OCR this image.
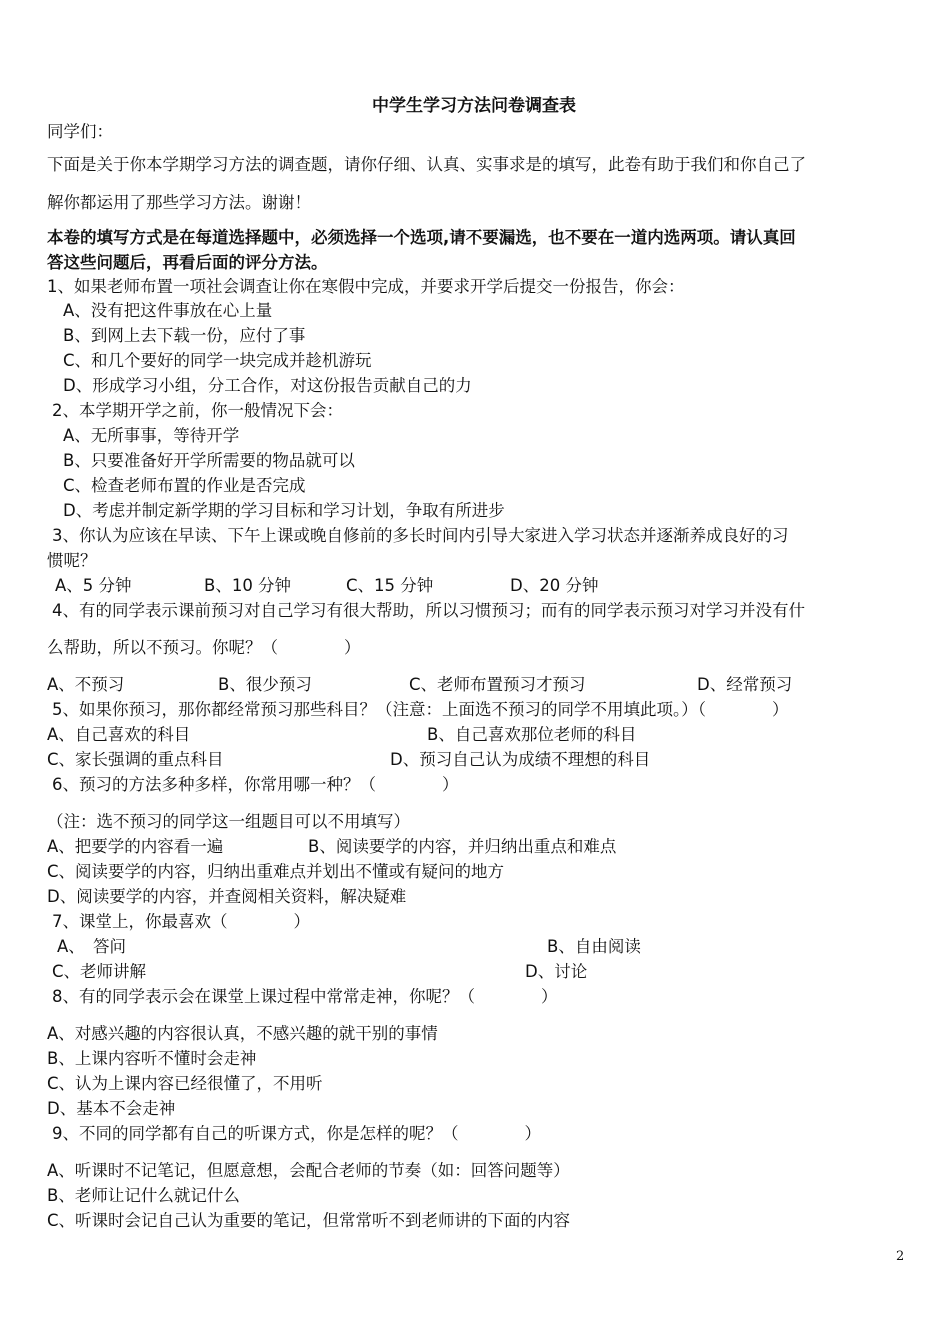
中学生学习方法问卷调查表
同学们：
下面是关于你本学期学习方法的调查题，请你仔细、认真、实事求是的填写，此卷有助于我们和你自己了
解你都运用了那些学习方法。谢谢！
本卷的填写方式是在每道选择题中，必须选择一个选项,请不要漏选，也不要在一道内选两项。请认真回
答这些问题后，再看后面的评分方法。
1、如果老师布置一项社会调查让你在寒假中完成，并要求开学后提交一份报告，你会：
A、没有把这件事放在心上量
B、到网上去下载一份，应付了事
C、和几个要好的同学一块完成并趁机游玩
D、形成学习小组，分工合作，对这份报告贡献自己的力
2、本学期开学之前，你一般情况下会：
A、无所事事，等待开学
B、只要准备好开学所需要的物品就可以
C、检查老师布置的作业是否完成
D、考虑并制定新学期的学习目标和学习计划，争取有所进步
3、你认为应该在早读、下午上课或晚自修前的多长时间内引导大家进入学习状态并逐渐养成良好的习
惯呢？
A、5 分钟	B、10 分钟	C、15 分钟	D、20 分钟
4、有的同学表示课前预习对自己学习有很大帮助，所以习惯预习；而有的同学表示预习对学习并没有什
么帮助，所以不预习。你呢？（　　　　）
A、不预习	B、很少预习	C、老师布置预习才预习	D、经常预习
5、如果你预习，那你都经常预习那些科目？（注意：上面选不预习的同学不用填此项。）（　　　　）
A、自己喜欢的科目	B、自己喜欢那位老师的科目
C、家长强调的重点科目	D、预习自己认为成绩不理想的科目
6、预习的方法多种多样，你常用哪一种？（　　　　）
（注：选不预习的同学这一组题目可以不用填写）
A、把要学的内容看一遍	B、阅读要学的内容，并归纳出重点和难点
C、阅读要学的内容，归纳出重难点并划出不懂或有疑问的地方
D、阅读要学的内容，并查阅相关资料，解决疑难
7、课堂上，你最喜欢（　　　　）
A、　答问	B、自由阅读
C、老师讲解	D、讨论
8、有的同学表示会在课堂上课过程中常常走神，你呢？（　　　　）
A、对感兴趣的内容很认真，不感兴趣的就干别的事情
B、上课内容听不懂时会走神
C、认为上课内容已经很懂了，不用听
D、基本不会走神
9、不同的同学都有自己的听课方式，你是怎样的呢？（　　　　）
A、听课时不记笔记，但愿意想，会配合老师的节奏（如：回答问题等）
B、老师让记什么就记什么
C、听课时会记自己认为重要的笔记，但常常听不到老师讲的下面的内容
2
